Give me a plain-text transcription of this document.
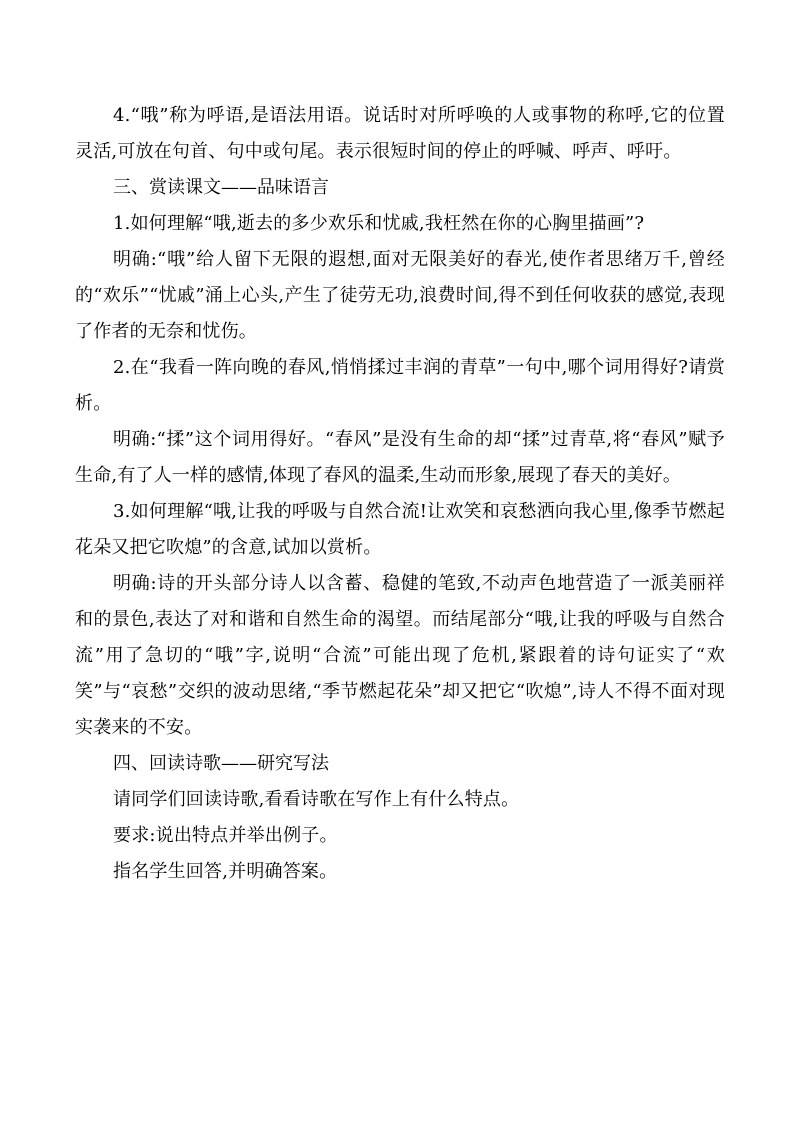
4.“哦”称为呼语,是语法用语。说话时对所呼唤的人或事物的称呼,它的位置灵活,可放在句首、句中或句尾。表示很短时间的停止的呼喊、呼声、呼吁。

三、赏读课文——品味语言

1.如何理解“哦,逝去的多少欢乐和忧戚,我枉然在你的心胸里描画”?

明确:“哦”给人留下无限的遐想,面对无限美好的春光,使作者思绪万千,曾经的“欢乐”“忧戚”涌上心头,产生了徒劳无功,浪费时间,得不到任何收获的感觉,表现了作者的无奈和忧伤。

2.在“我看一阵向晚的春风,悄悄揉过丰润的青草”一句中,哪个词用得好?请赏析。

明确:“揉”这个词用得好。“春风”是没有生命的却“揉”过青草,将“春风”赋予生命,有了人一样的感情,体现了春风的温柔,生动而形象,展现了春天的美好。

3.如何理解“哦,让我的呼吸与自然合流!让欢笑和哀愁洒向我心里,像季节燃起花朵又把它吹熄”的含意,试加以赏析。

明确:诗的开头部分诗人以含蓄、稳健的笔致,不动声色地营造了一派美丽祥和的景色,表达了对和谐和自然生命的渴望。而结尾部分“哦,让我的呼吸与自然合流”用了急切的“哦”字,说明“合流”可能出现了危机,紧跟着的诗句证实了“欢笑”与“哀愁”交织的波动思绪,“季节燃起花朵”却又把它“吹熄”,诗人不得不面对现实袭来的不安。

四、回读诗歌——研究写法

请同学们回读诗歌,看看诗歌在写作上有什么特点。

要求:说出特点并举出例子。

指名学生回答,并明确答案。
